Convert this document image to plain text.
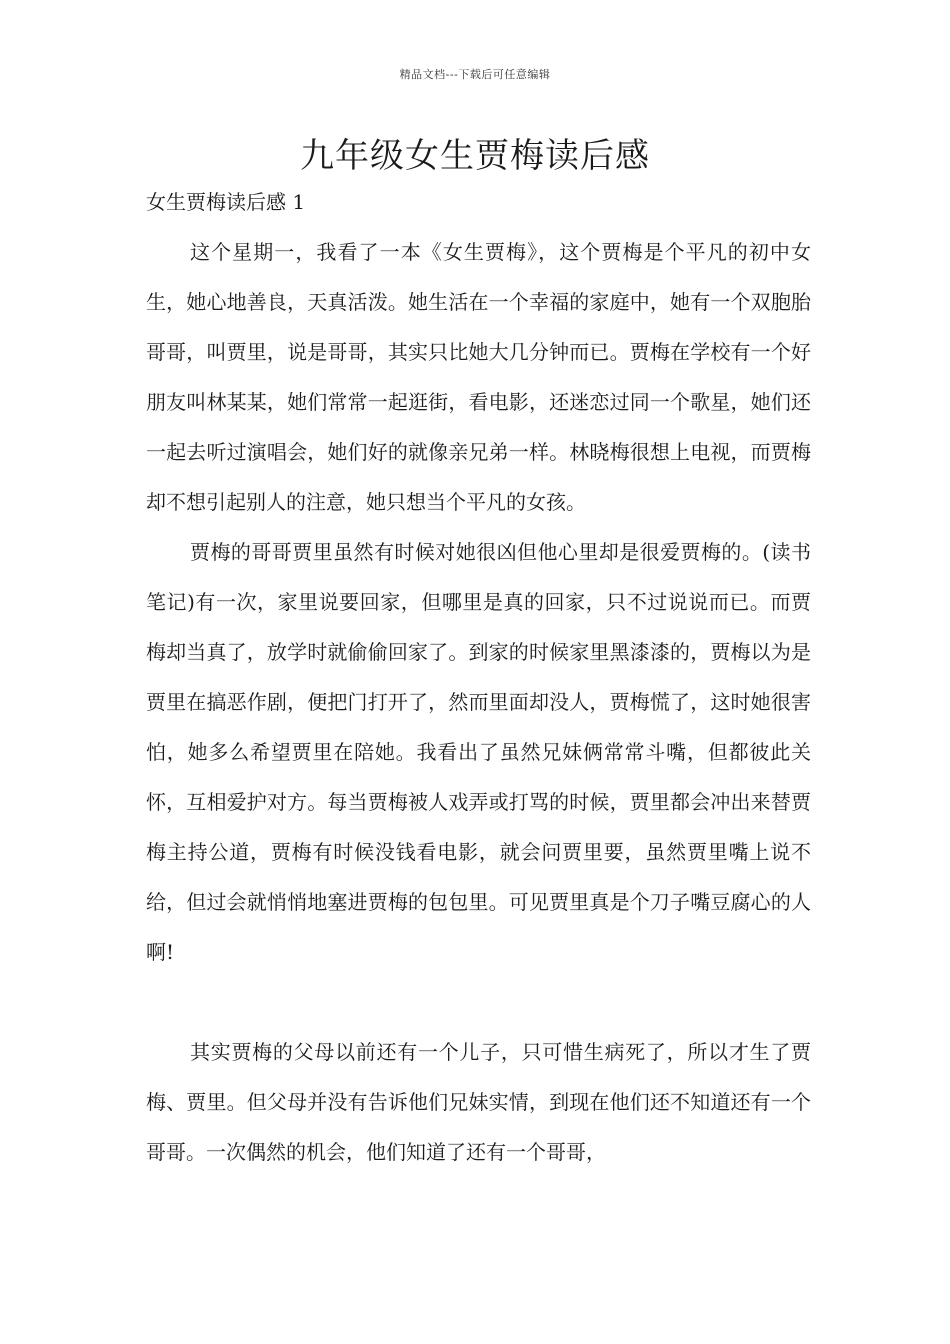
精品文档---下载后可任意编辑
九年级女生贾梅读后感
女生贾梅读后感 1

这个星期一，我看了一本《女生贾梅》，这个贾梅是个平凡的初中女生，她心地善良，天真活泼。她生活在一个幸福的家庭中，她有一个双胞胎哥哥，叫贾里，说是哥哥，其实只比她大几分钟而已。贾梅在学校有一个好朋友叫林某某，她们常常一起逛街，看电影，还迷恋过同一个歌星，她们还一起去听过演唱会，她们好的就像亲兄弟一样。林晓梅很想上电视，而贾梅却不想引起别人的注意，她只想当个平凡的女孩。

贾梅的哥哥贾里虽然有时候对她很凶但他心里却是很爱贾梅的。(读书笔记)有一次，家里说要回家，但哪里是真的回家，只不过说说而已。而贾梅却当真了，放学时就偷偷回家了。到家的时候家里黑漆漆的，贾梅以为是贾里在搞恶作剧，便把门打开了，然而里面却没人，贾梅慌了，这时她很害怕，她多么希望贾里在陪她。我看出了虽然兄妹俩常常斗嘴，但都彼此关怀，互相爱护对方。每当贾梅被人戏弄或打骂的时候，贾里都会冲出来替贾梅主持公道，贾梅有时候没钱看电影，就会问贾里要，虽然贾里嘴上说不给，但过会就悄悄地塞进贾梅的包包里。可见贾里真是个刀子嘴豆腐心的人啊!

其实贾梅的父母以前还有一个儿子，只可惜生病死了，所以才生了贾梅、贾里。但父母并没有告诉他们兄妹实情，到现在他们还不知道还有一个哥哥。一次偶然的机会，他们知道了还有一个哥哥，
